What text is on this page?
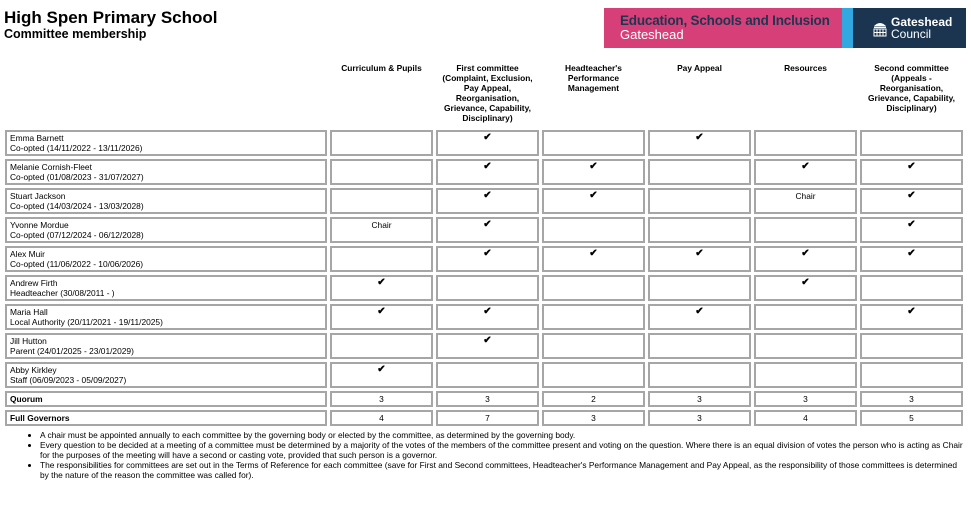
High Spen Primary School
Committee membership
Education, Schools and Inclusion
Gateshead
Gateshead
Council
	Curriculum & Pupils	First committee
(Complaint, Exclusion,
Pay Appeal,
Reorganisation,
Grievance, Capability,
Disciplinary)	Headteacher's
Performance
Management	Pay Appeal	Resources	Second committee
(Appeals -
Reorganisation,
Grievance, Capability,
Disciplinary)
Emma Barnett
Co-opted (14/11/2022 - 13/11/2026)		✔		✔		
Melanie Cornish-Fleet
Co-opted (01/08/2023 - 31/07/2027)		✔	✔		✔	✔
Stuart Jackson
Co-opted (14/03/2024 - 13/03/2028)		✔	✔		Chair	✔
Yvonne Mordue
Co-opted (07/12/2024 - 06/12/2028)	Chair	✔				✔
Alex Muir
Co-opted (11/06/2022 - 10/06/2026)		✔	✔	✔	✔	✔
Andrew Firth
Headteacher (30/08/2011 - )	✔				✔	
Maria Hall
Local Authority (20/11/2021 - 19/11/2025)	✔	✔		✔		✔
Jill Hutton
Parent (24/01/2025 - 23/01/2029)		✔				
Abby Kirkley
Staff (06/09/2023 - 05/09/2027)	✔					
Quorum	3	3	2	3	3	3
Full Governors	4	7	3	3	4	5
• A chair must be appointed annually to each committee by the governing body or elected by the committee, as determined by the governing body.
• Every question to be decided at a meeting of a committee must be determined by a majority of the votes of the members of the committee present and voting on the question. Where there is an equal division of votes the person who is acting as Chair for the purposes of the meeting will have a second or casting vote, provided that such person is a governor.
• The responsibilities for committees are set out in the Terms of Reference for each committee (save for First and Second committees, Headteacher's Performance Management and Pay Appeal, as the responsibility of those committees is determined by the nature of the reason the committee was called for).
